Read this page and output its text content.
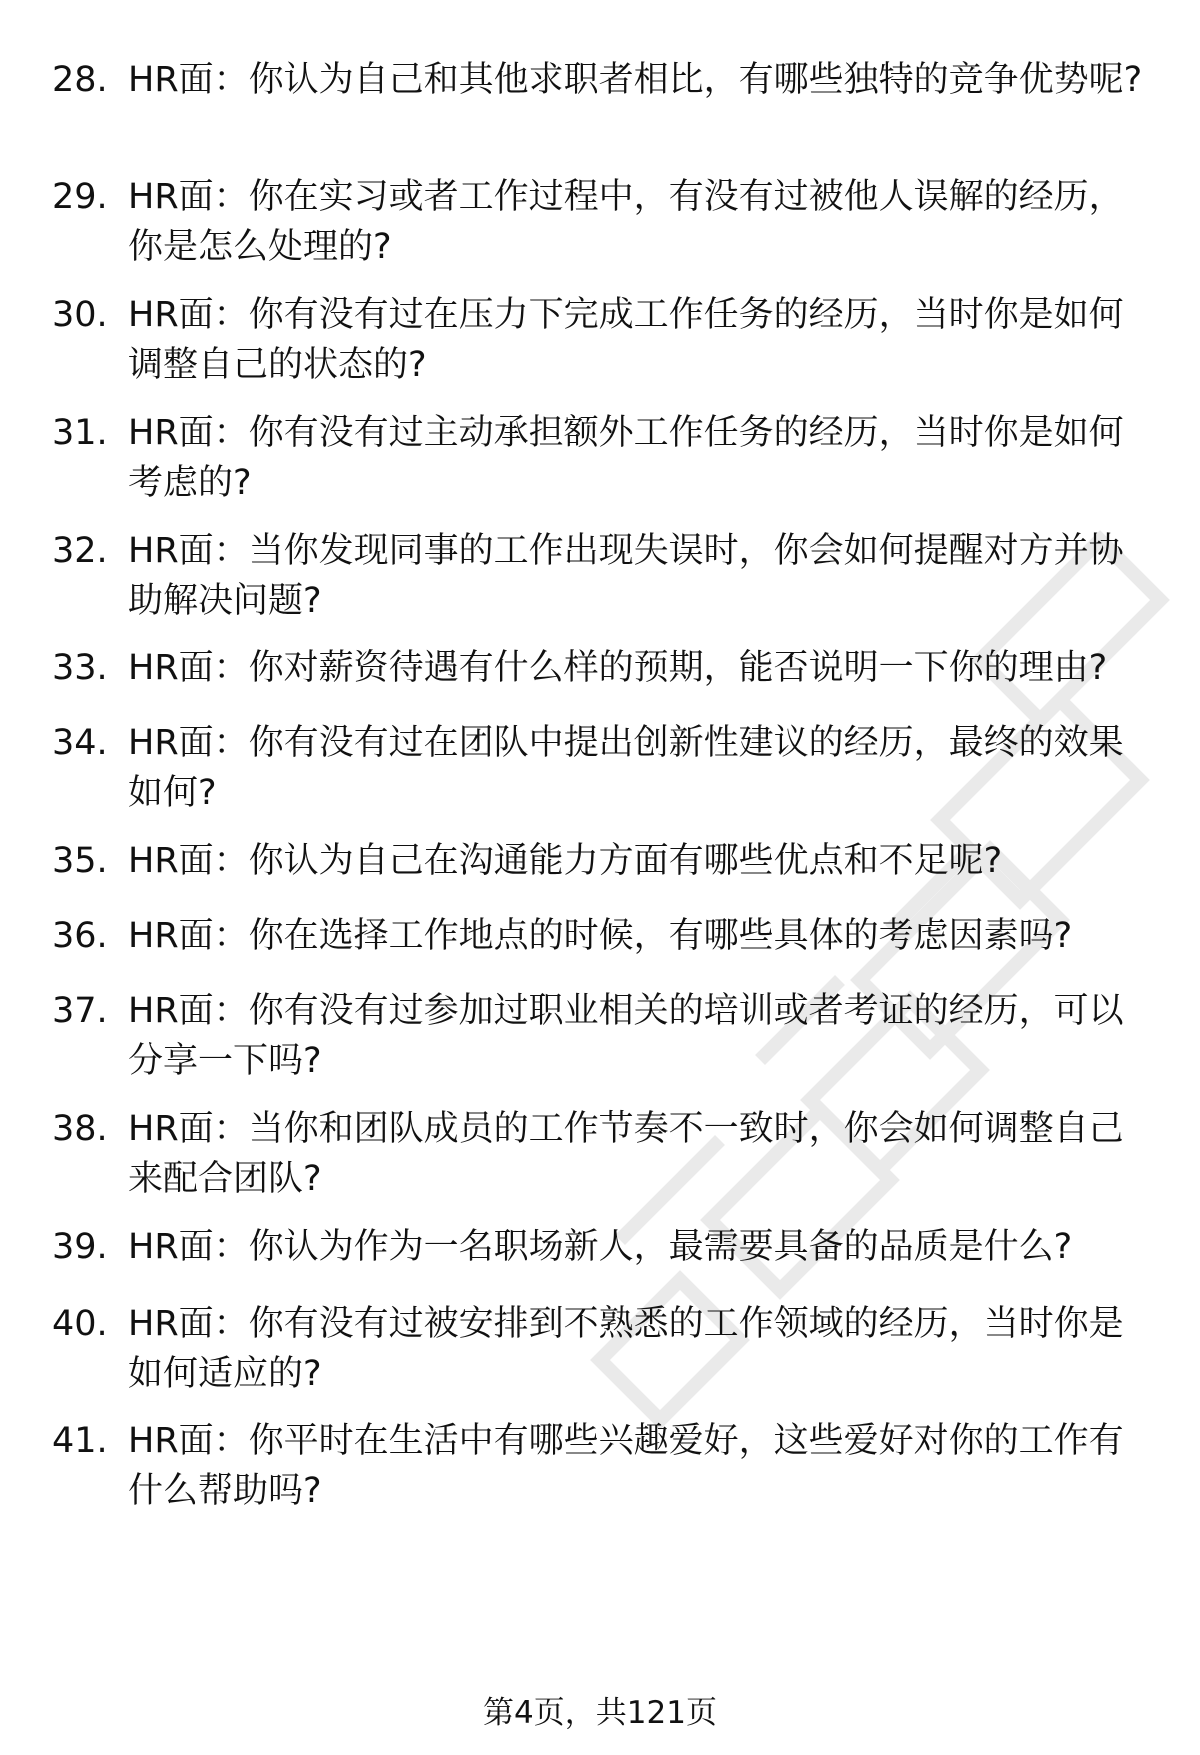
28. HR面：你认为自己和其他求职者相比，有哪些独特的竞争优势呢?
29. HR面：你在实习或者工作过程中，有没有过被他人误解的经历，你是怎么处理的?
30. HR面：你有没有过在压力下完成工作任务的经历，当时你是如何调整自己的状态的?
31. HR面：你有没有过主动承担额外工作任务的经历，当时你是如何考虑的?
32. HR面：当你发现同事的工作出现失误时，你会如何提醒对方并协助解决问题?
33. HR面：你对薪资待遇有什么样的预期，能否说明一下你的理由?
34. HR面：你有没有过在团队中提出创新性建议的经历，最终的效果如何?
35. HR面：你认为自己在沟通能力方面有哪些优点和不足呢?
36. HR面：你在选择工作地点的时候，有哪些具体的考虑因素吗?
37. HR面：你有没有过参加过职业相关的培训或者考证的经历，可以分享一下吗?
38. HR面：当你和团队成员的工作节奏不一致时，你会如何调整自己来配合团队?
39. HR面：你认为作为一名职场新人，最需要具备的品质是什么?
40. HR面：你有没有过被安排到不熟悉的工作领域的经历，当时你是如何适应的?
41. HR面：你平时在生活中有哪些兴趣爱好，这些爱好对你的工作有什么帮助吗?
第4页，共121页
